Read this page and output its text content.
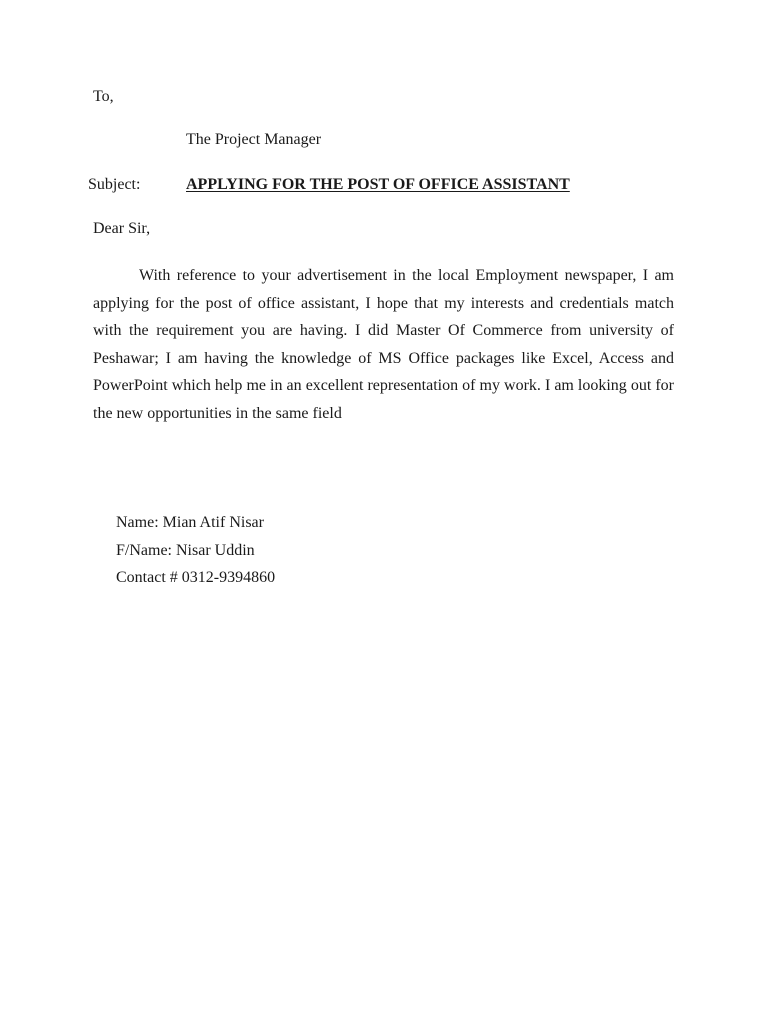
To,
The Project Manager
Subject:	APPLYING FOR THE POST OF OFFICE ASSISTANT
Dear Sir,

With reference to your advertisement in the local Employment newspaper, I am applying for the post of office assistant, I hope that my interests and credentials match with the requirement you are having. I did Master Of Commerce from university of Peshawar; I am having the knowledge of MS Office packages like Excel, Access and PowerPoint which help me in an excellent representation of my work. I am looking out for the new opportunities in the same field

Name: Mian Atif Nisar
F/Name: Nisar Uddin
Contact # 0312-9394860
